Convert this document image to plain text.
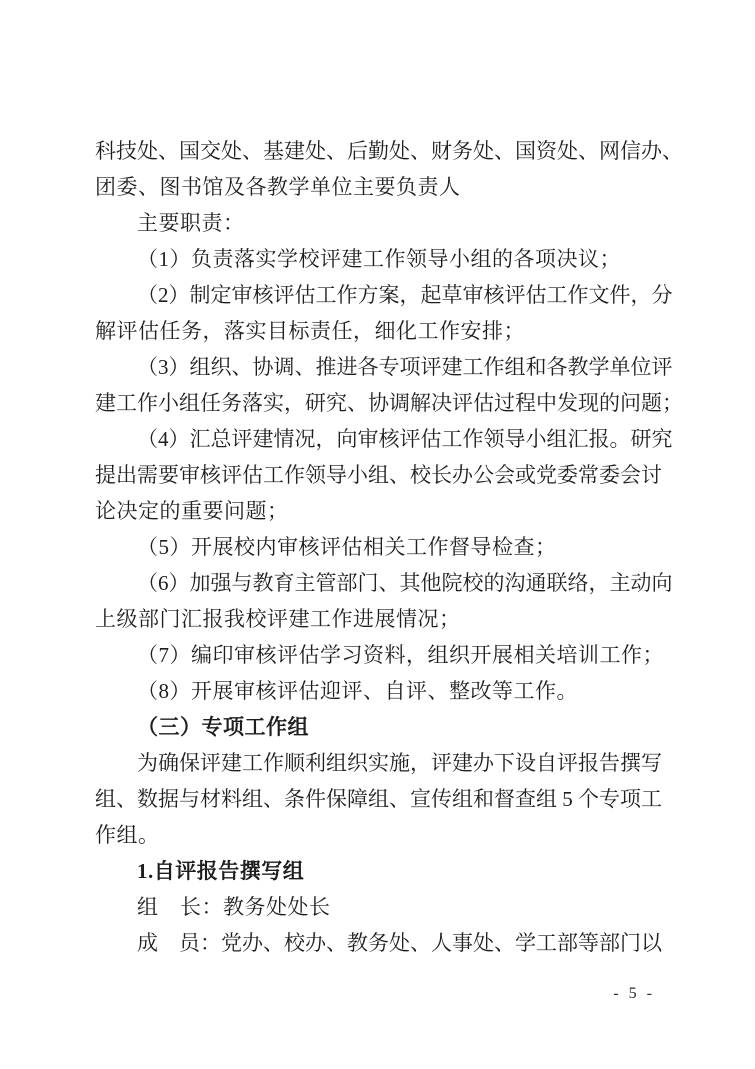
科 技 处 、 国 交 处 、 基 建 处 、 后 勤 处 、 财 务 处 、 国 资 处 、 网 信 办 、
团委、图书馆及各教学单位主要负责人
主要职责：
（1）负责落实学校评建工作领导小组的各项决议；
（ 2 ） 制 定 审 核 评 估 工 作 方 案 ， 起 草 审 核 评 估 工 作 文 件 ， 分
解评估任务，落实目标责任，细化工作安排；
（ 3 ） 组 织 、 协 调 、 推 进 各 专 项 评 建 工 作 组 和 各 教 学 单 位 评
建 工 作 小 组 任 务 落 实 ， 研 究 、 协 调 解 决 评 估 过 程 中 发 现 的 问 题 ；
（ 4 ） 汇 总 评 建 情 况 ， 向 审 核 评 估 工 作 领 导 小 组 汇 报 。 研 究
提 出 需 要 审 核 评 估 工 作 领 导 小 组 、 校 长 办 公 会 或 党 委 常 委 会 讨
论决定的重要问题；
（5）开展校内审核评估相关工作督导检查；
（ 6 ） 加 强 与 教 育 主 管 部 门 、 其 他 院 校 的 沟 通 联 络 ， 主 动 向
上级部门汇报我校评建工作进展情况；
（7）编印审核评估学习资料，组织开展相关培训工作；
（8）开展审核评估迎评、自评、整改等工作。
（三）专项工作组
为 确 保 评 建 工 作 顺 利 组 织 实 施 ， 评 建 办 下 设 自 评 报 告 撰 写
组 、 数 据 与 材 料 组 、 条 件 保 障 组 、 宣 传 组 和 督 查 组
5
个 专 项 工
作组。
1.自评报告撰写组
组　长：教务处处长
成
　 员 ： 党 办 、 校 办 、 教 务 处 、 人 事 处 、 学 工 部 等 部 门 以
- 5 -
